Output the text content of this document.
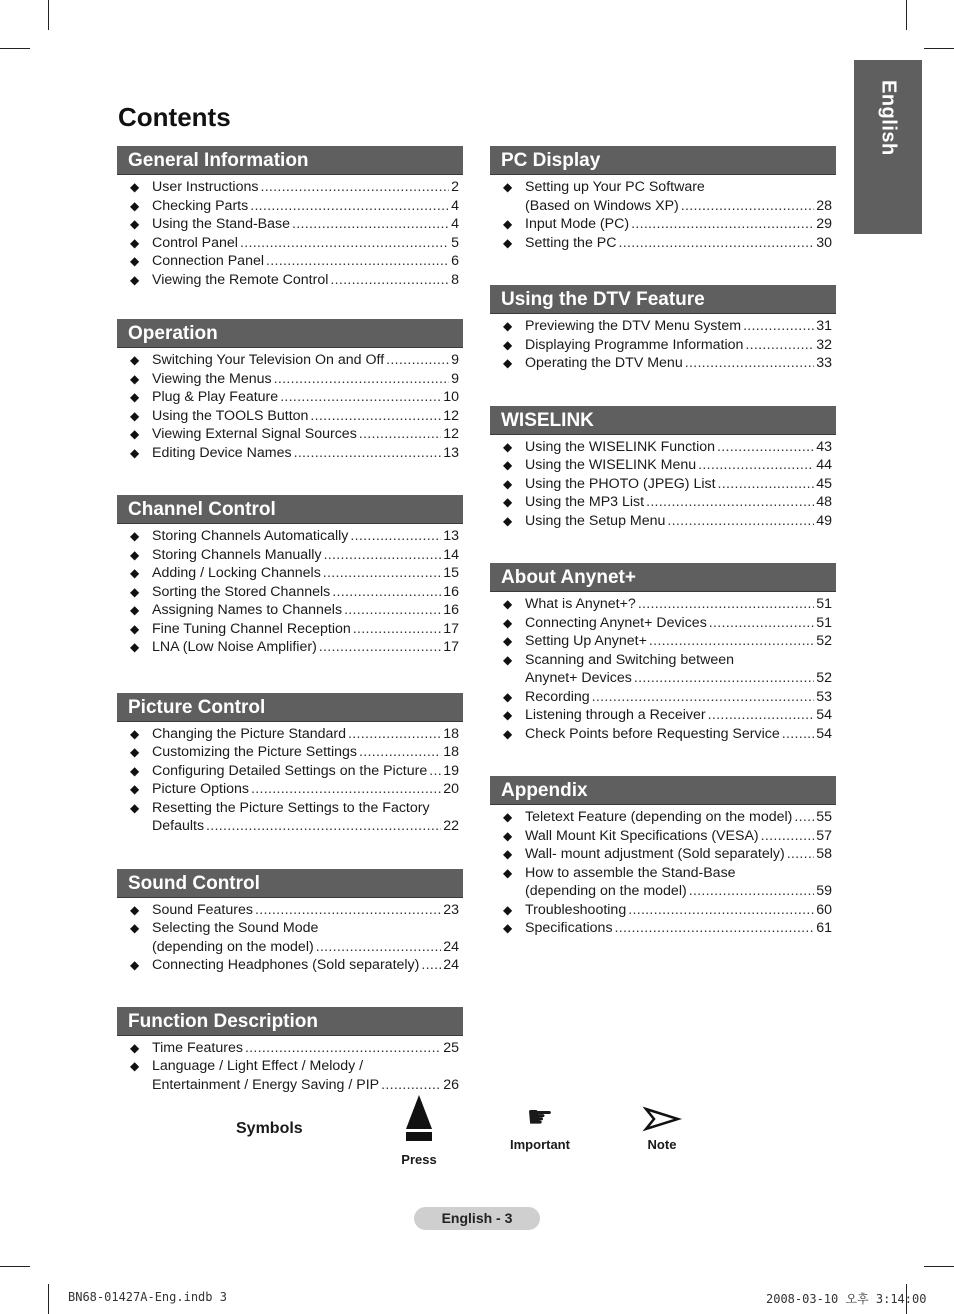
English
Contents
General Information
◆ User Instructions .....	2
◆ Checking Parts .....	4
◆ Using the Stand-Base .....	4
◆ Control Panel .....	5
◆ Connection Panel .....	6
◆ Viewing the Remote Control .....	8
Operation
◆ Switching Your Television On and Off .....	9
◆ Viewing the Menus .....	9
◆ Plug & Play Feature .....	10
◆ Using the TOOLS Button .....	12
◆ Viewing External Signal Sources .....	12
◆ Editing Device Names .....	13
Channel Control
◆ Storing Channels Automatically .....	13
◆ Storing Channels Manually .....	14
◆ Adding / Locking Channels .....	15
◆ Sorting the Stored Channels .....	16
◆ Assigning Names to Channels .....	16
◆ Fine Tuning Channel Reception .....	17
◆ LNA (Low Noise Amplifier) .....	17
Picture Control
◆ Changing the Picture Standard .....	18
◆ Customizing the Picture Settings .....	18
◆ Configuring Detailed Settings on the Picture ..... 19
◆ Picture Options .....	20
◆ Resetting the Picture Settings to the Factory
Defaults .....	22
Sound Control
◆ Sound Features .....	23
◆ Selecting the Sound Mode
(depending on the model) .....	24
◆ Connecting Headphones (Sold separately) ..... 24
Function Description
◆ Time Features .....	25
◆ Language / Light Effect / Melody /
Entertainment / Energy Saving / PIP .....	26
PC Display
◆ Setting up Your PC Software
(Based on Windows XP) .....	28
◆ Input Mode (PC) .....	29
◆ Setting the PC .....	30
Using the DTV Feature
◆ Previewing the DTV Menu System .....	31
◆ Displaying Programme Information .....	32
◆ Operating the DTV Menu .....	33
WISELINK
◆ Using the WISELINK Function .....	43
◆ Using the WISELINK Menu .....	44
◆ Using the PHOTO (JPEG) List .....	45
◆ Using the MP3 List .....	48
◆ Using the Setup Menu .....	49
About Anynet+
◆ What is Anynet+? .....	51
◆ Connecting Anynet+ Devices .....	51
◆ Setting Up Anynet+ .....	52
◆ Scanning and Switching between
Anynet+ Devices .....	52
◆ Recording .....	53
◆ Listening through a Receiver .....	54
◆ Check Points before Requesting Service .....	54
Appendix
◆ Teletext Feature (depending on the model) ..... 55
◆ Wall Mount Kit Specifications (VESA) .....	57
◆ Wall- mount adjustment (Sold separately) ..... 58
◆ How to assemble the Stand-Base
(depending on the model) .....	59
◆ Troubleshooting .....	60
◆ Specifications .....	61

Symbols

Press
☛
Important	Note
English - 3
BN68-01427A-Eng.indb 3	2008-03-10 오후 3:14:00
